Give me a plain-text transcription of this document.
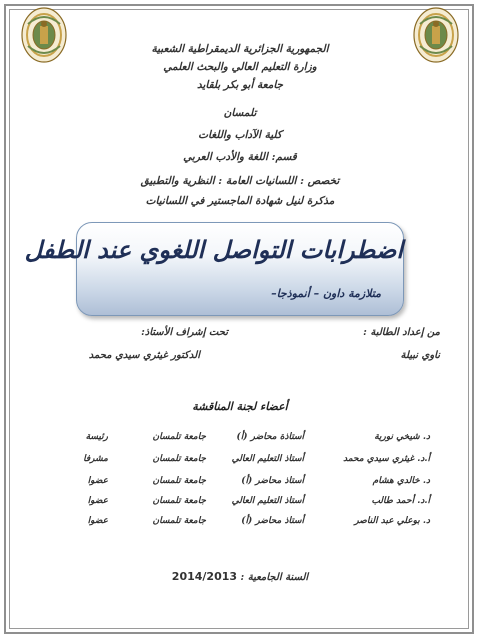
الجمهورية الجزائرية الديمقراطية الشعبية
وزارة التعليم العالي والبحث العلمي
جامعة أبو بكر بلقايد
تلمسان
كلية الآداب واللغات
قسم: اللغة والأدب العربي
تخصص : اللسانيات العامة : النظرية والتطبيق
مذكرة لنيل شهادة الماجستير في اللسانيات
اضطرابات التواصل اللغوي عند الطفل
متلازمة داون – أنموذجا–
من إعداد الطالبة :
ناوي نبيلة
تحت إشراف الأستاذ:
الدكتور غيثري سيدي محمد
أعضاء لجنة المناقشة
د. شيخي نورية
أستاذة محاضر (أ)
جامعة تلمسان
رئيسة
أ.د. غيثري سيدي محمد
أستاذ التعليم العالي
جامعة تلمسان
مشرفا
د. خالدي هشام
أستاذ محاضر (أ)
جامعة تلمسان
عضوا
أ.د. أحمد طالب
أستاذ التعليم العالي
جامعة تلمسان
عضوا
د. بوعلي عبد الناصر
أستاذ محاضر (أ)
جامعة تلمسان
عضوا
السنة الجامعية : 2014/2013
